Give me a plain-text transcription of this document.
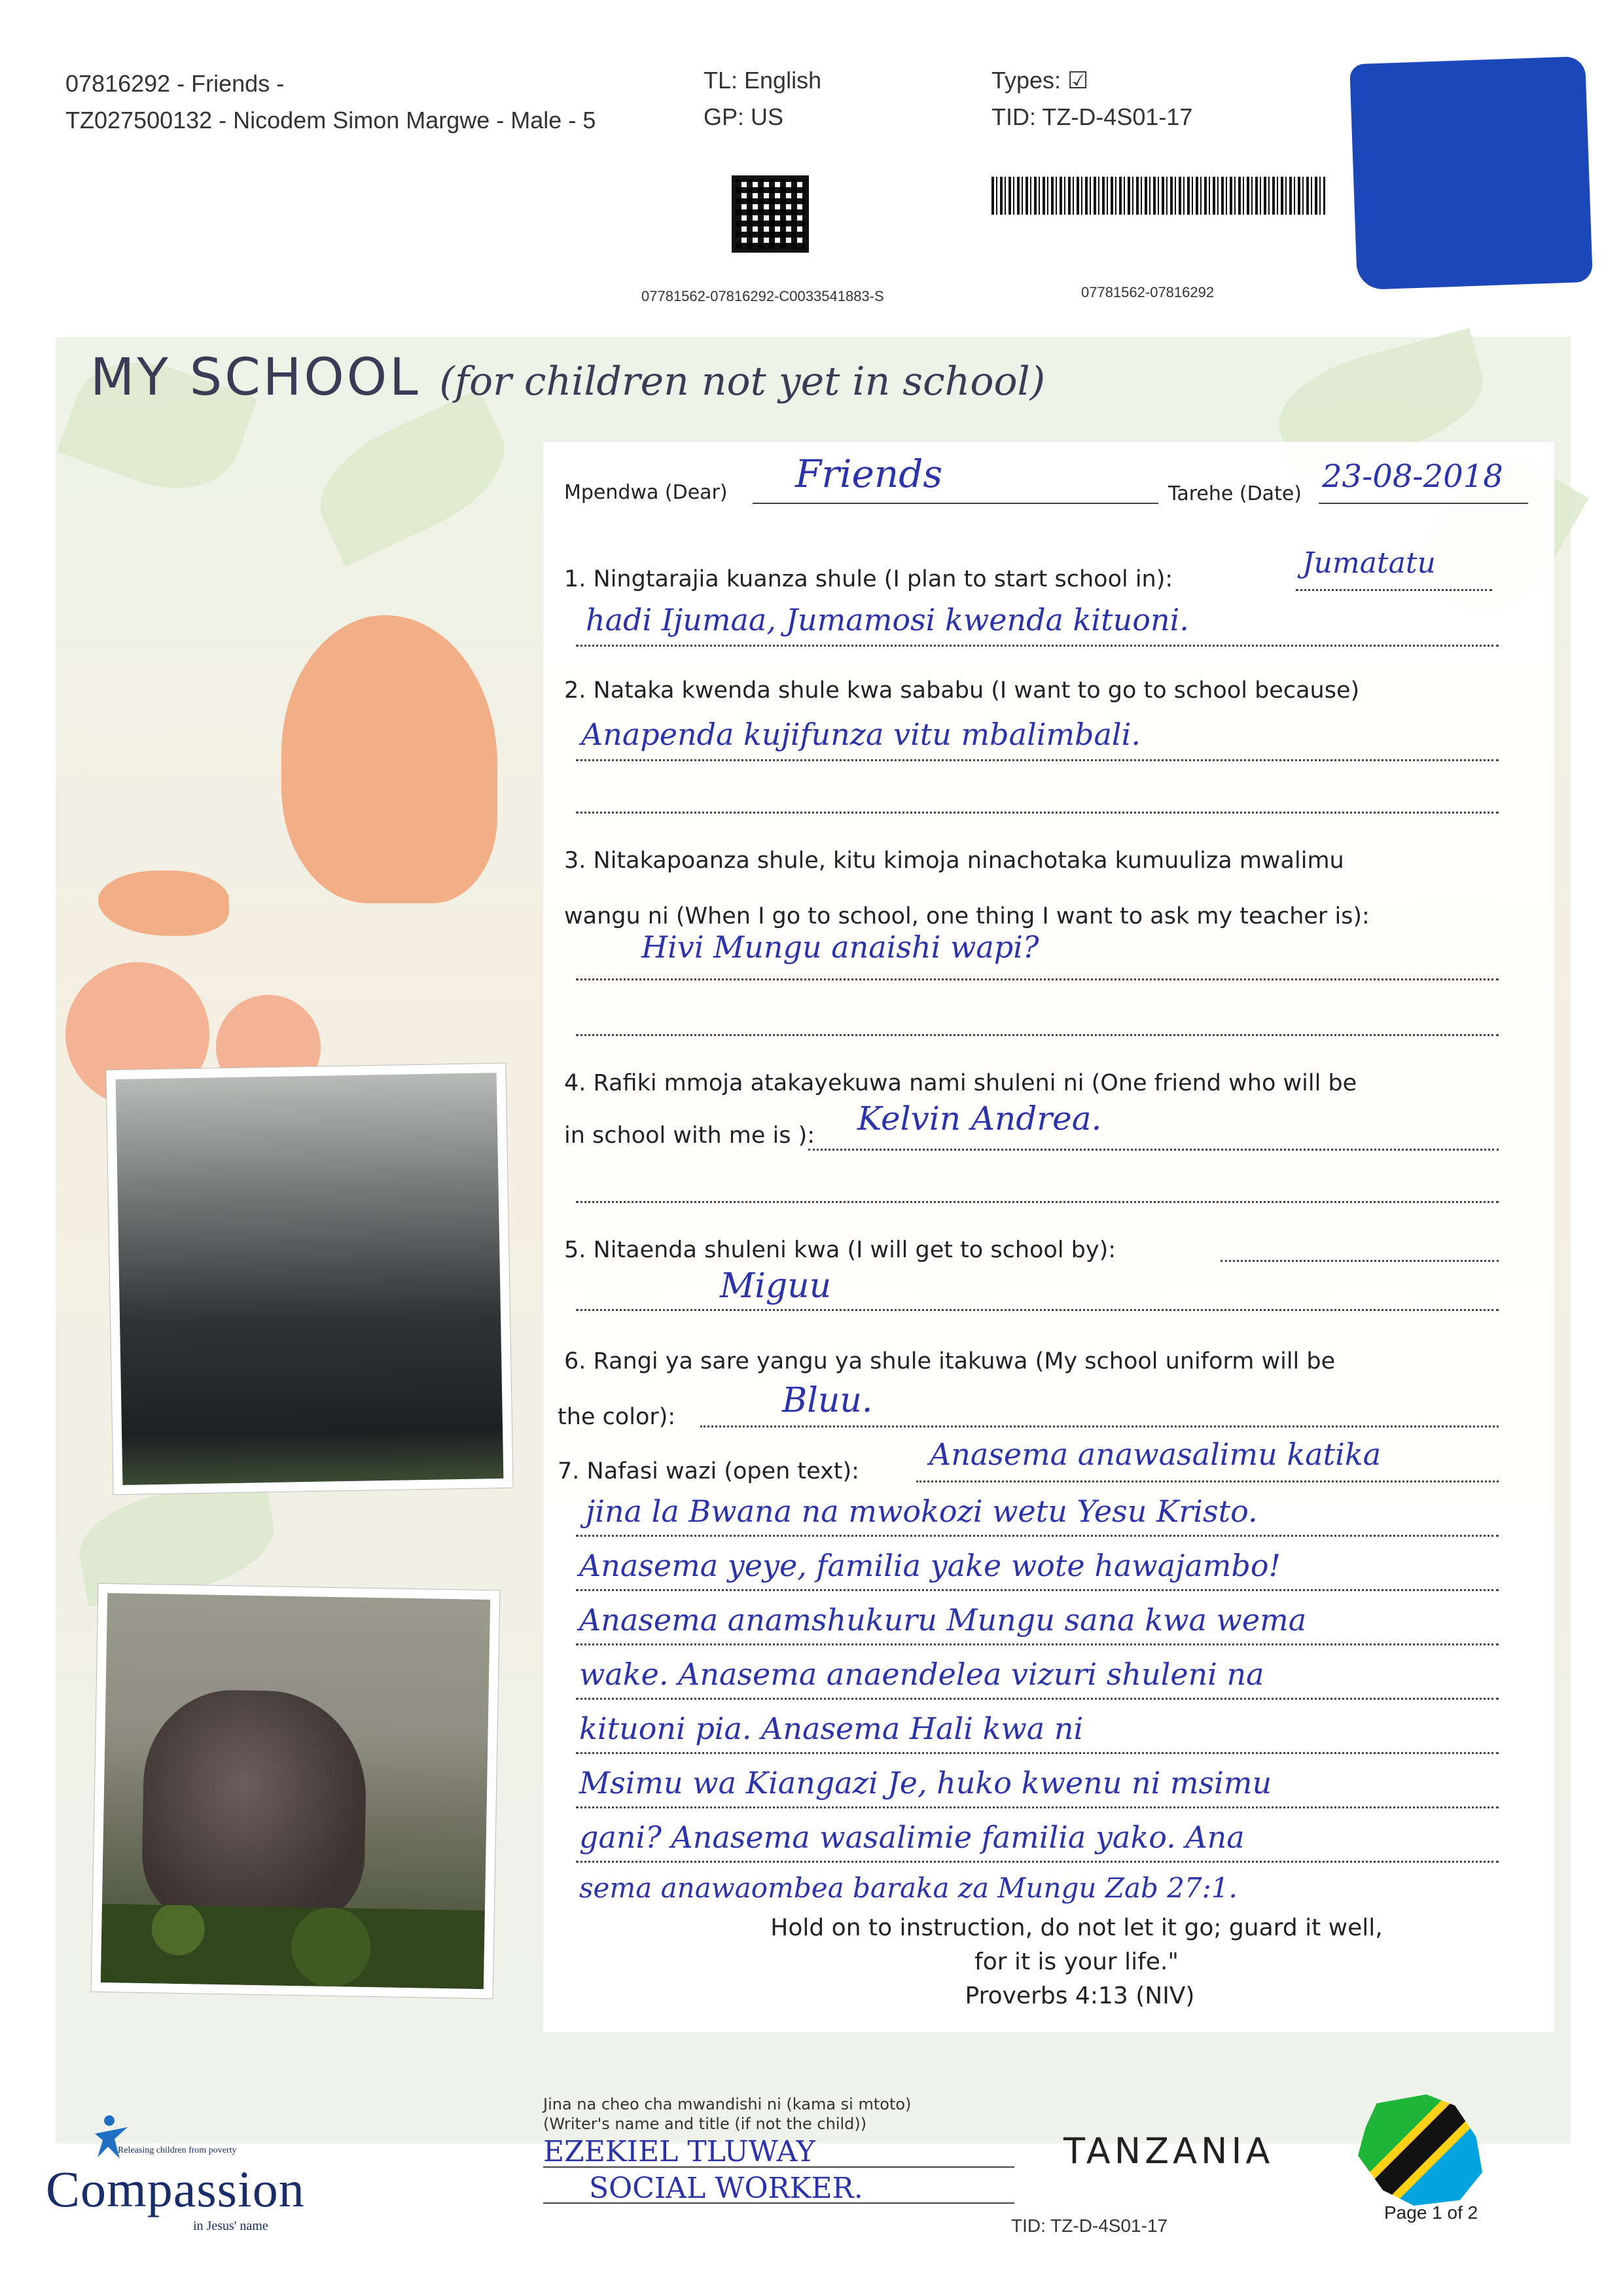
07816292 - Friends -
TZ027500132 - Nicodem Simon Margwe - Male - 5
TL: English
GP: US
Types: ☑
TID: TZ-D-4S01-17
07781562-07816292-C0033541883-S	07781562-07816292
MY SCHOOL (for children not yet in school)
Mpendwa (Dear) Friends	Tarehe (Date) 23-08-2018
1. Ningtarajia kuanza shule (I plan to start school in):	Jumatatu
hadi Ijumaa, Jumamosi kwenda kituoni.
2. Nataka kwenda shule kwa sababu (I want to go to school because)
Anapenda kujifunza vitu mbalimbali.
3. Nitakapoanza shule, kitu kimoja ninachotaka kumuuliza mwalimu
wangu ni (When I go to school, one thing I want to ask my teacher is):
Hivi Mungu anaishi wapi?
4. Rafiki mmoja atakayekuwa nami shuleni ni (One friend who will be
in school with me is ): Kelvin Andrea.
5. Nitaenda shuleni kwa (I will get to school by):
Miguu
6. Rangi ya sare yangu ya shule itakuwa (My school uniform will be
the color):	Bluu.
7. Nafasi wazi (open text): Anasema anawasalimu katika
jina la Bwana na mwokozi wetu Yesu Kristo.
Anasema yeye, familia yake wote hawajambo!
Anasema anamshukuru Mungu sana kwa wema
wake. Anasema anaendelea vizuri shuleni na
kituoni pia. Anasema Hali kwa ni
Msimu wa Kiangazi Je, huko kwenu ni msimu
gani? Anasema wasalimie familia yako. Ana
sema anawaombea baraka za Mungu Zab 27:1.
Hold on to instruction, do not let it go; guard it well,
for it is your life."
Proverbs 4:13 (NIV)
Jina na cheo cha mwandishi ni (kama si mtoto)
(Writer's name and title (if not the child))
EZEKIEL TLUWAY
SOCIAL WORKER.
TANZANIA
Releasing children from poverty
Compassion
in Jesus' name	TID: TZ-D-4S01-17
Page 1 of 2
